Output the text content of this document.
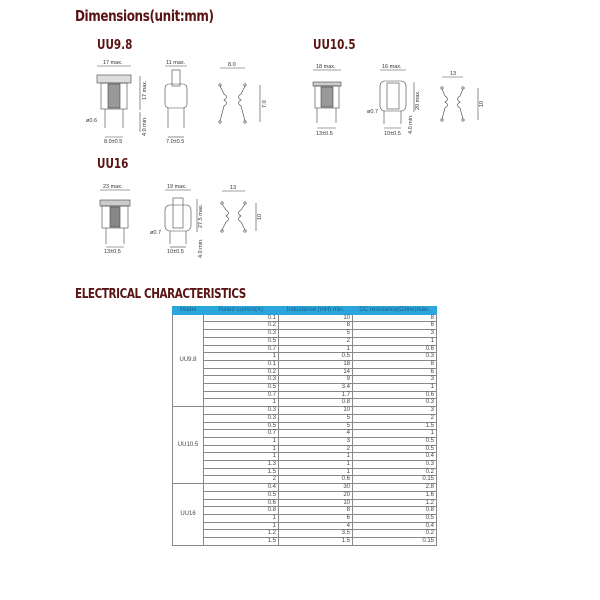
Dimensions(unit:mm)
UU9.8	UU10.5
UU16
17 max.
17 max.
4.0 min.
ø0.6
8.0±0.5
11 max.
7.0±0.5
8.0
7.0
18 max.
13±0.5
16 max.
ø0.7
20 max.
4.0 min.
10±0.5
13
10
23 max.
13±0.5
19 max.
ø0.7
27.5 max.
4.0 min.
10±0.5
13
10
ELECTRICAL CHARACTERISTICS
Model	Rated current(A)	Inductance (mH) min.	DC resistance(Ω/line)max.
UU9.8	0.1	10	8
	0.2	8	6
	0.3	5	3
	0.5	2	1
	0.7	1	0.6
	1	0.5	0.3
	0.1	18	8
	0.2	14	6
	0.3	9	3
	0.5	3.4	1
	0.7	1.7	0.6
	1	0.8	0.3
UU10.5	0.3	10	3
	0.3	5	2
	0.5	5	1.5
	0.7	4	1
	1	3	0.5
	1	2	0.5
	1	1	0.4
	1.3	1	0.3
	1.5	1	0.2
	2	0.6	0.15
UU16	0.4	30	2.8
	0.5	20	1.6
	0.6	10	1.2
	0.8	8	0.8
	1	6	0.5
	1	4	0.4
	1.2	3.5	0.2
	1.5	1.5	0.15
